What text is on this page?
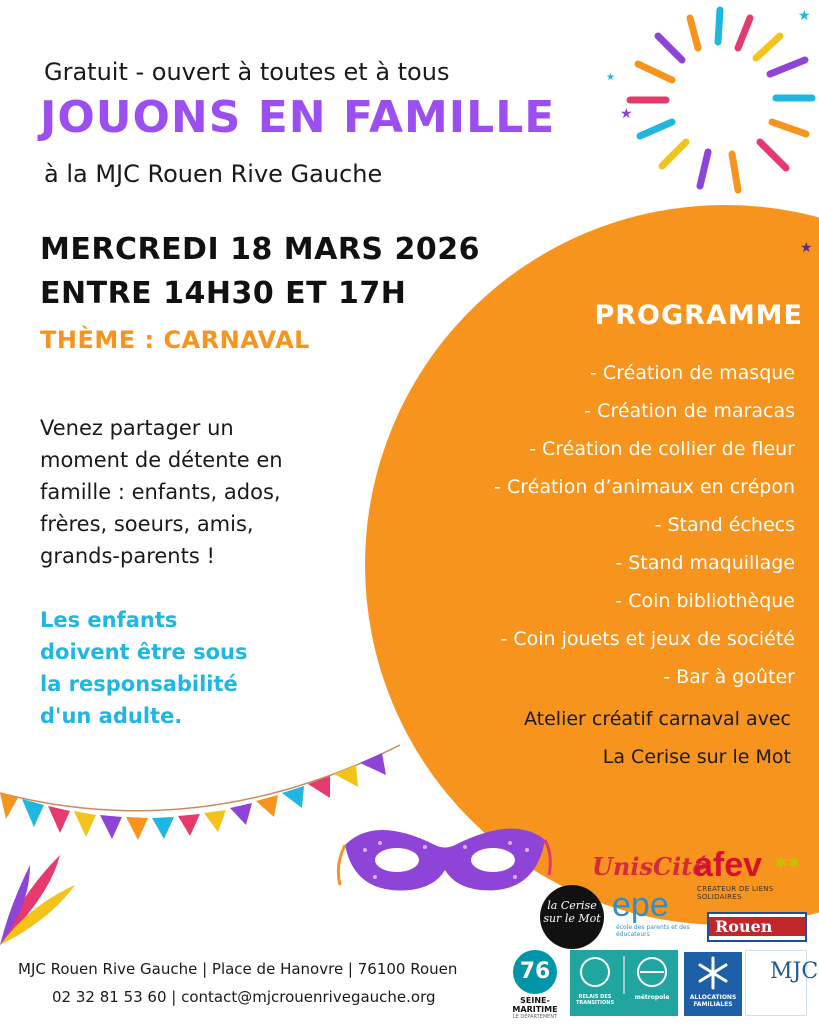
★
★
★
★
Gratuit - ouvert à toutes et à tous
JOUONS EN FAMILLE
à la MJC Rouen Rive Gauche
MERCREDI 18 MARS 2026
ENTRE 14H30 ET 17H
THÈME : CARNAVAL
Venez partager un
moment de détente en
famille : enfants, ados,
frères, soeurs, amis,
grands-parents !
Les enfants
doivent être sous
la responsabilité
d'un adulte.
PROGRAMME
- Création de masque
- Création de maracas
- Création de collier de fleur
- Création d’animaux en crépon
- Stand échecs
- Stand maquillage
- Coin bibliothèque
- Coin jouets et jeux de société
- Bar à goûter
Atelier créatif carnaval avec
La Cerise sur le Mot
MJC Rouen Rive Gauche | Place de Hanovre | 76100 Rouen
02 32 81 53 60 | contact@mjcrouenrivegauche.org
UnisCité
afev ✱✱
CRÉATEUR DE LIENS SOLIDAIRES
la Cerise sur le Mot epe
école des parents et des éducateurs	Rouen
76
SEINE-MARITIME
LE DÉPARTEMENT
RELAIS DES TRANSITIONS
métropole	ALLOCATIONS FAMILIALES
MJC
